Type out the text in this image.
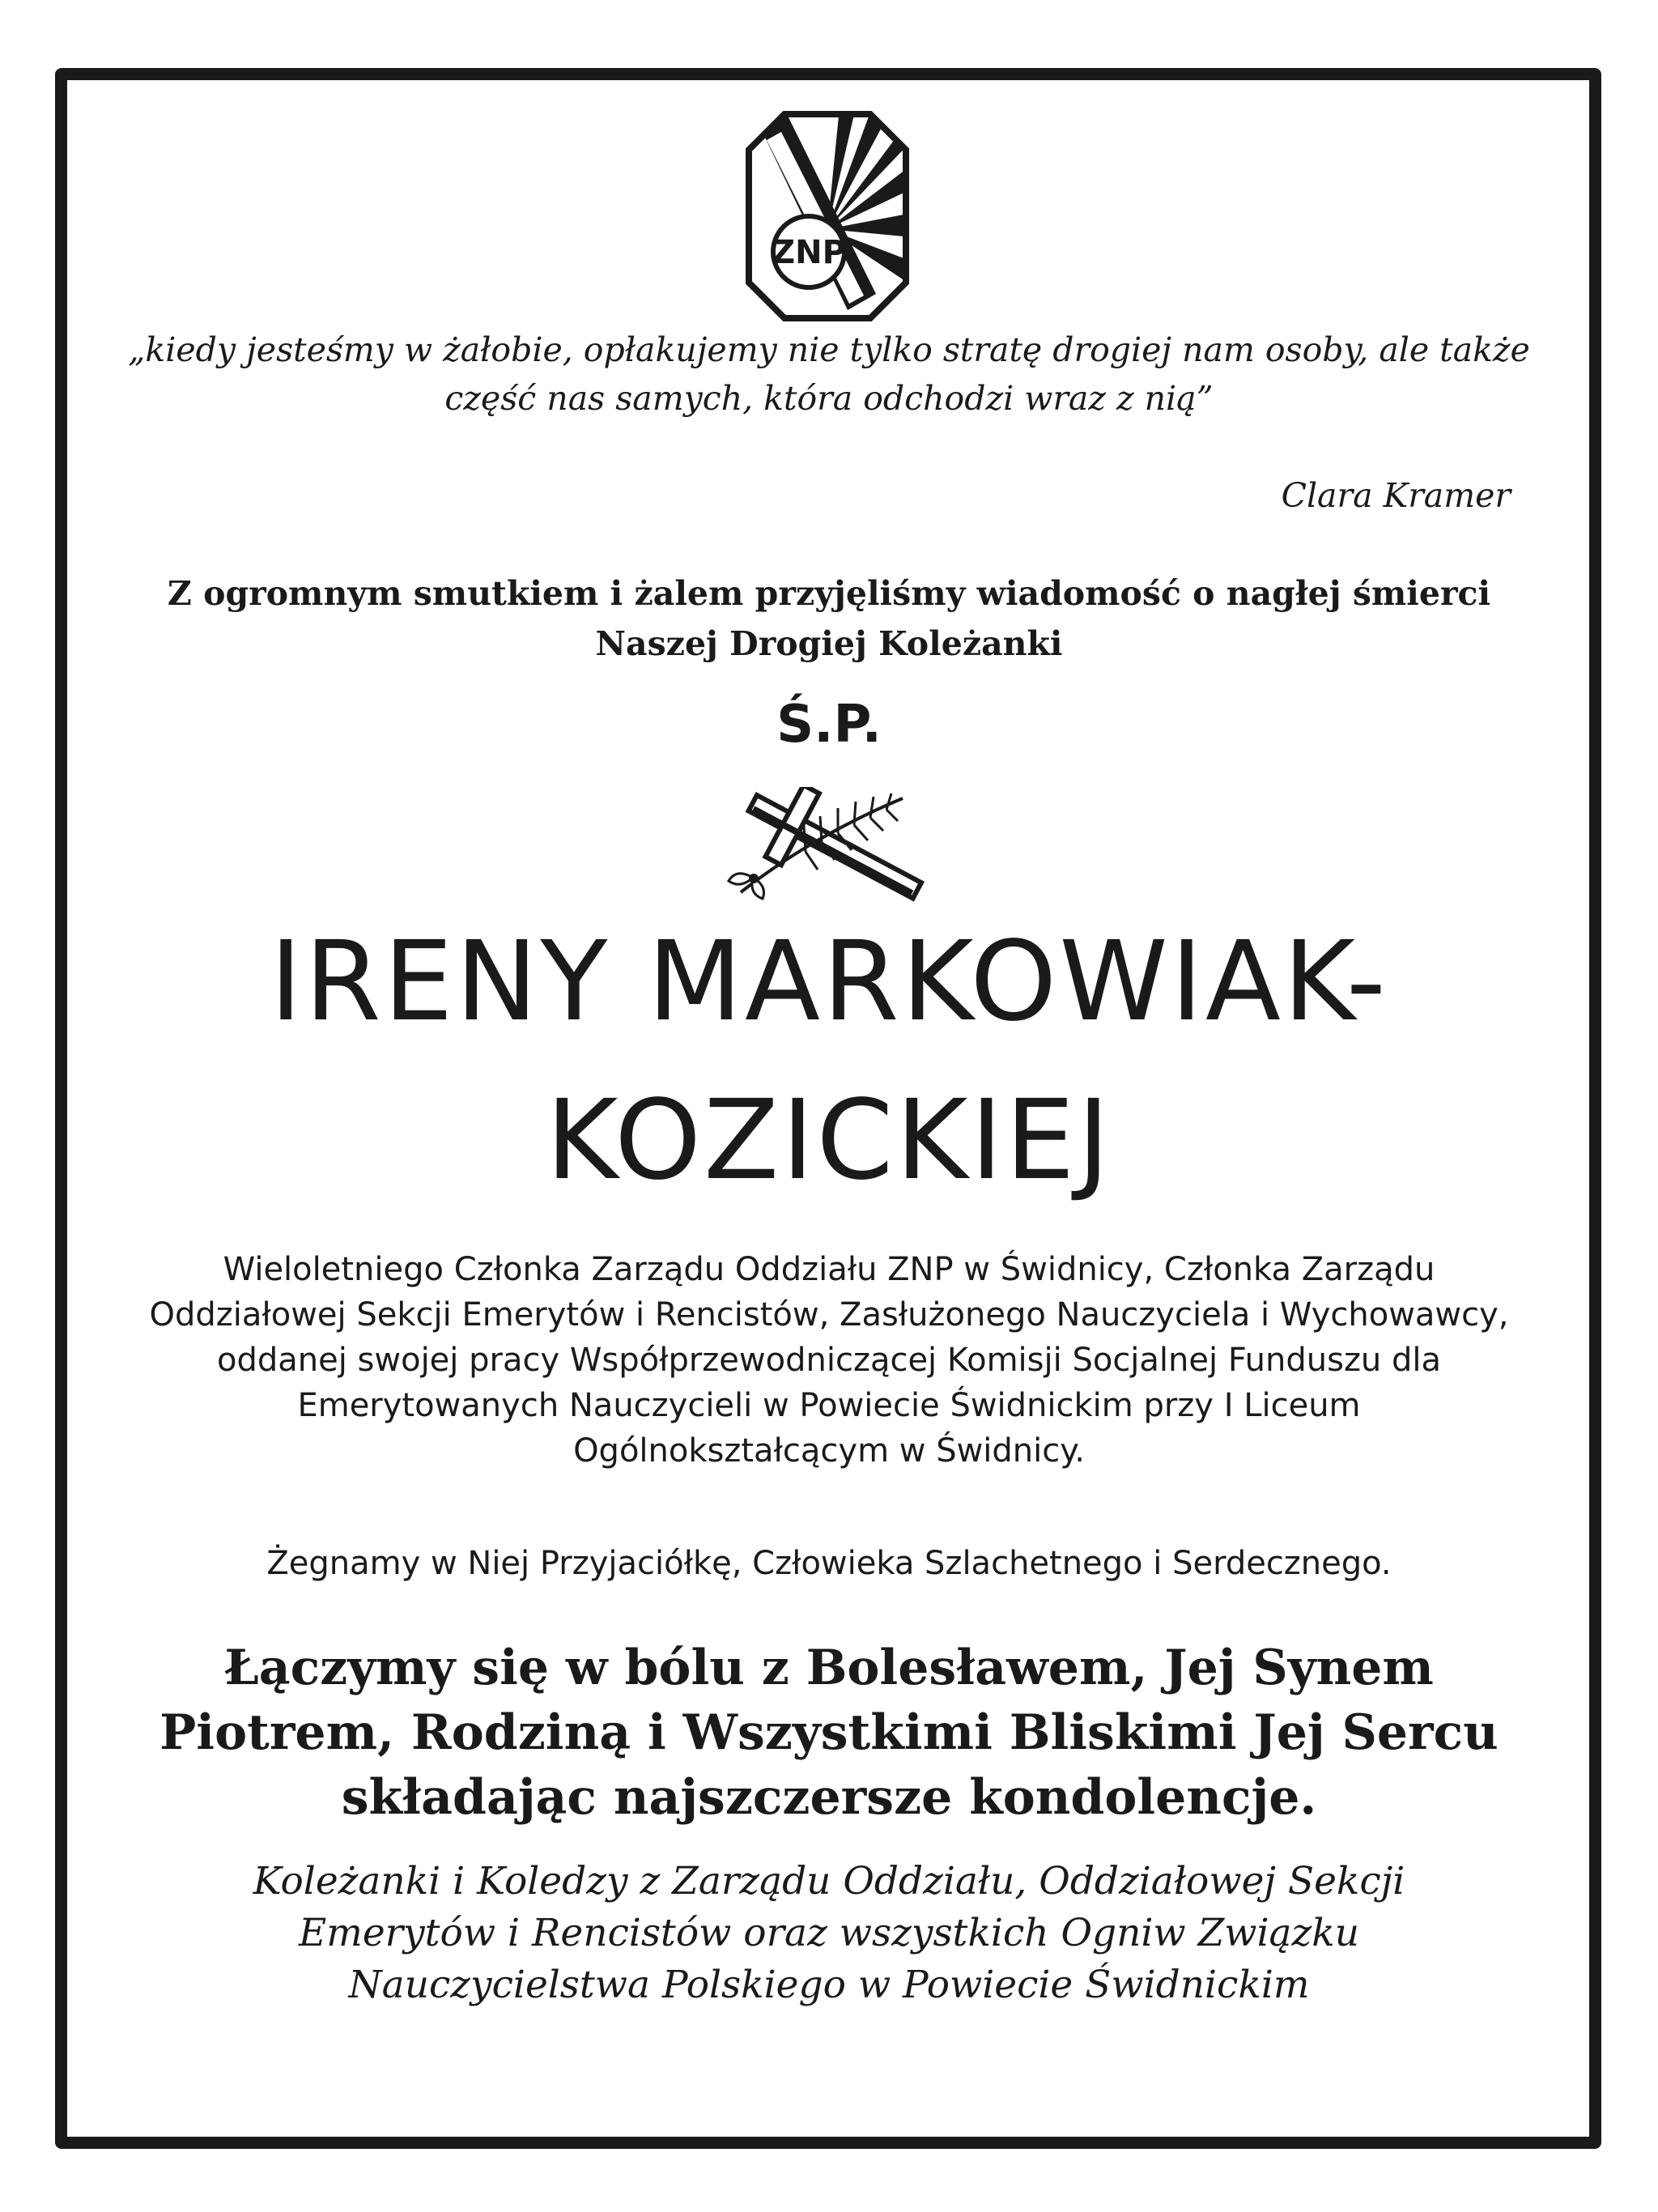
ZNP
„kiedy jesteśmy w żałobie, opłakujemy nie tylko stratę drogiej nam osoby, ale także
część nas samych, która odchodzi wraz z nią”
Clara Kramer
Z ogromnym smutkiem i żalem przyjęliśmy wiadomość o nagłej śmierci
Naszej Drogiej Koleżanki
Ś.P.
IRENY MARKOWIAK-
KOZICKIEJ
Wieloletniego Członka Zarządu Oddziału ZNP w Świdnicy, Członka Zarządu
Oddziałowej Sekcji Emerytów i Rencistów, Zasłużonego Nauczyciela i Wychowawcy,
oddanej swojej pracy Współprzewodniczącej Komisji Socjalnej Funduszu dla
Emerytowanych Nauczycieli w Powiecie Świdnickim przy I Liceum
Ogólnokształcącym w Świdnicy.
Żegnamy w Niej Przyjaciółkę, Człowieka Szlachetnego i Serdecznego.
Łączymy się w bólu z Bolesławem, Jej Synem
Piotrem, Rodziną i Wszystkimi Bliskimi Jej Sercu
składając najszczersze kondolencje.
Koleżanki i Koledzy z Zarządu Oddziału, Oddziałowej Sekcji
Emerytów i Rencistów oraz wszystkich Ogniw Związku
Nauczycielstwa Polskiego w Powiecie Świdnickim
